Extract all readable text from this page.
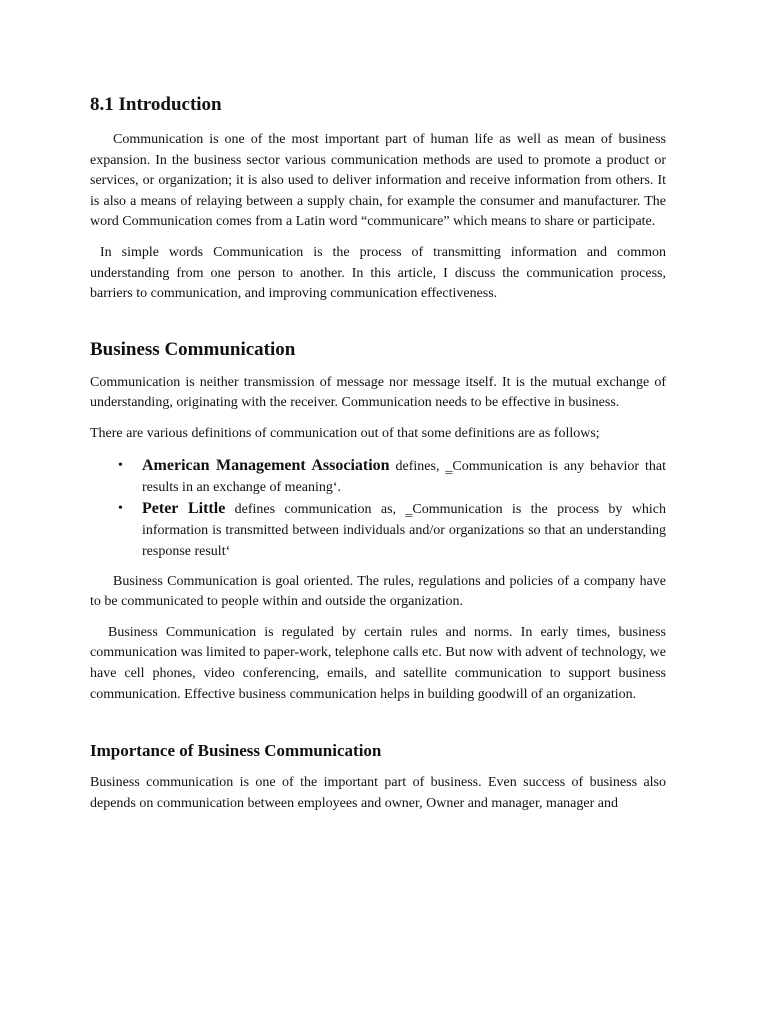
8.1 Introduction

Communication is one of the most important part of human life as well as mean of business expansion. In the business sector various communication methods are used to promote a product or services, or organization; it is also used to deliver information and receive information from others. It is also a means of relaying between a supply chain, for example the consumer and manufacturer. The word Communication comes from a Latin word “communicare” which means to share or participate.

In simple words Communication is the process of transmitting information and common understanding from one person to another. In this article, I discuss the communication process, barriers to communication, and improving communication effectiveness.

Business Communication

Communication is neither transmission of message nor message itself. It is the mutual exchange of understanding, originating with the receiver. Communication needs to be effective in business.

There are various definitions of communication out of that some definitions are as follows;

• American Management Association defines, ‗Communication is any behavior that results in an exchange of meaning‘.
• Peter Little defines communication as, ‗Communication is the process by which information is transmitted between individuals and/or organizations so that an understanding response result‘

Business Communication is goal oriented. The rules, regulations and policies of a company have to be communicated to people within and outside the organization.

Business Communication is regulated by certain rules and norms. In early times, business communication was limited to paper-work, telephone calls etc. But now with advent of technology, we have cell phones, video conferencing, emails, and satellite communication to support business communication. Effective business communication helps in building goodwill of an organization.

Importance of Business Communication

Business communication is one of the important part of business. Even success of business also depends on communication between employees and owner, Owner and manager, manager and
